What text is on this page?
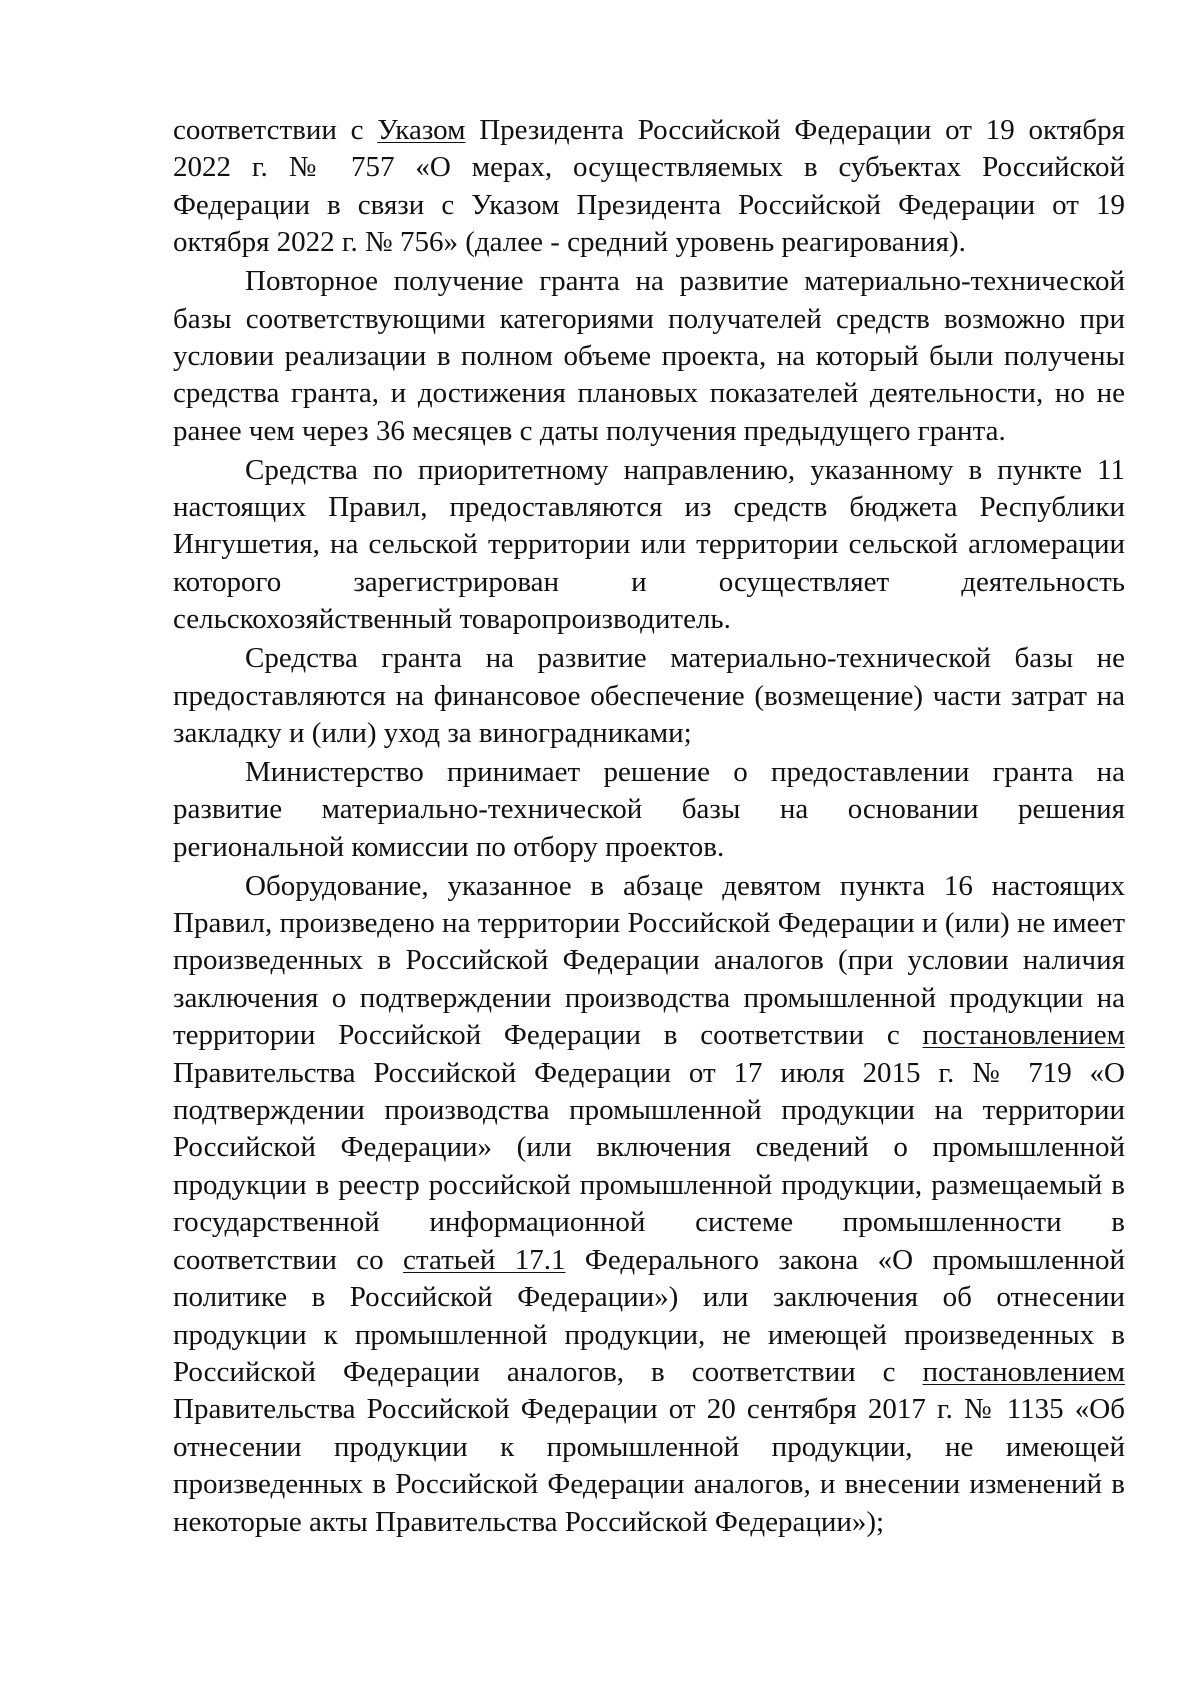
соответствии с Указом Президента Российской Федерации от 19 октября 2022 г. № 757 «О мерах, осуществляемых в субъектах Российской Федерации в связи с Указом Президента Российской Федерации от 19 октября 2022 г. № 756» (далее - средний уровень реагирования).

Повторное получение гранта на развитие материально-технической базы соответствующими категориями получателей средств возможно при условии реализации в полном объеме проекта, на который были получены средства гранта, и достижения плановых показателей деятельности, но не ранее чем через 36 месяцев с даты получения предыдущего гранта.

Средства по приоритетному направлению, указанному в пункте 11 настоящих Правил, предоставляются из средств бюджета Республики Ингушетия, на сельской территории или территории сельской агломерации которого зарегистрирован и осуществляет деятельность сельскохозяйственный товаропроизводитель.

Средства гранта на развитие материально-технической базы не предоставляются на финансовое обеспечение (возмещение) части затрат на закладку и (или) уход за виноградниками;

Министерство принимает решение о предоставлении гранта на развитие материально-технической базы на основании решения региональной комиссии по отбору проектов.

Оборудование, указанное в абзаце девятом пункта 16 настоящих Правил, произведено на территории Российской Федерации и (или) не имеет произведенных в Российской Федерации аналогов (при условии наличия заключения о подтверждении производства промышленной продукции на территории Российской Федерации в соответствии с постановлением Правительства Российской Федерации от 17 июля 2015 г. № 719 «О подтверждении производства промышленной продукции на территории Российской Федерации» (или включения сведений о промышленной продукции в реестр российской промышленной продукции, размещаемый в государственной информационной системе промышленности в соответствии со статьей 17.1 Федерального закона «О промышленной политике в Российской Федерации») или заключения об отнесении продукции к промышленной продукции, не имеющей произведенных в Российской Федерации аналогов, в соответствии с постановлением Правительства Российской Федерации от 20 сентября 2017 г. № 1135 «Об отнесении продукции к промышленной продукции, не имеющей произведенных в Российской Федерации аналогов, и внесении изменений в некоторые акты Правительства Российской Федерации»);
